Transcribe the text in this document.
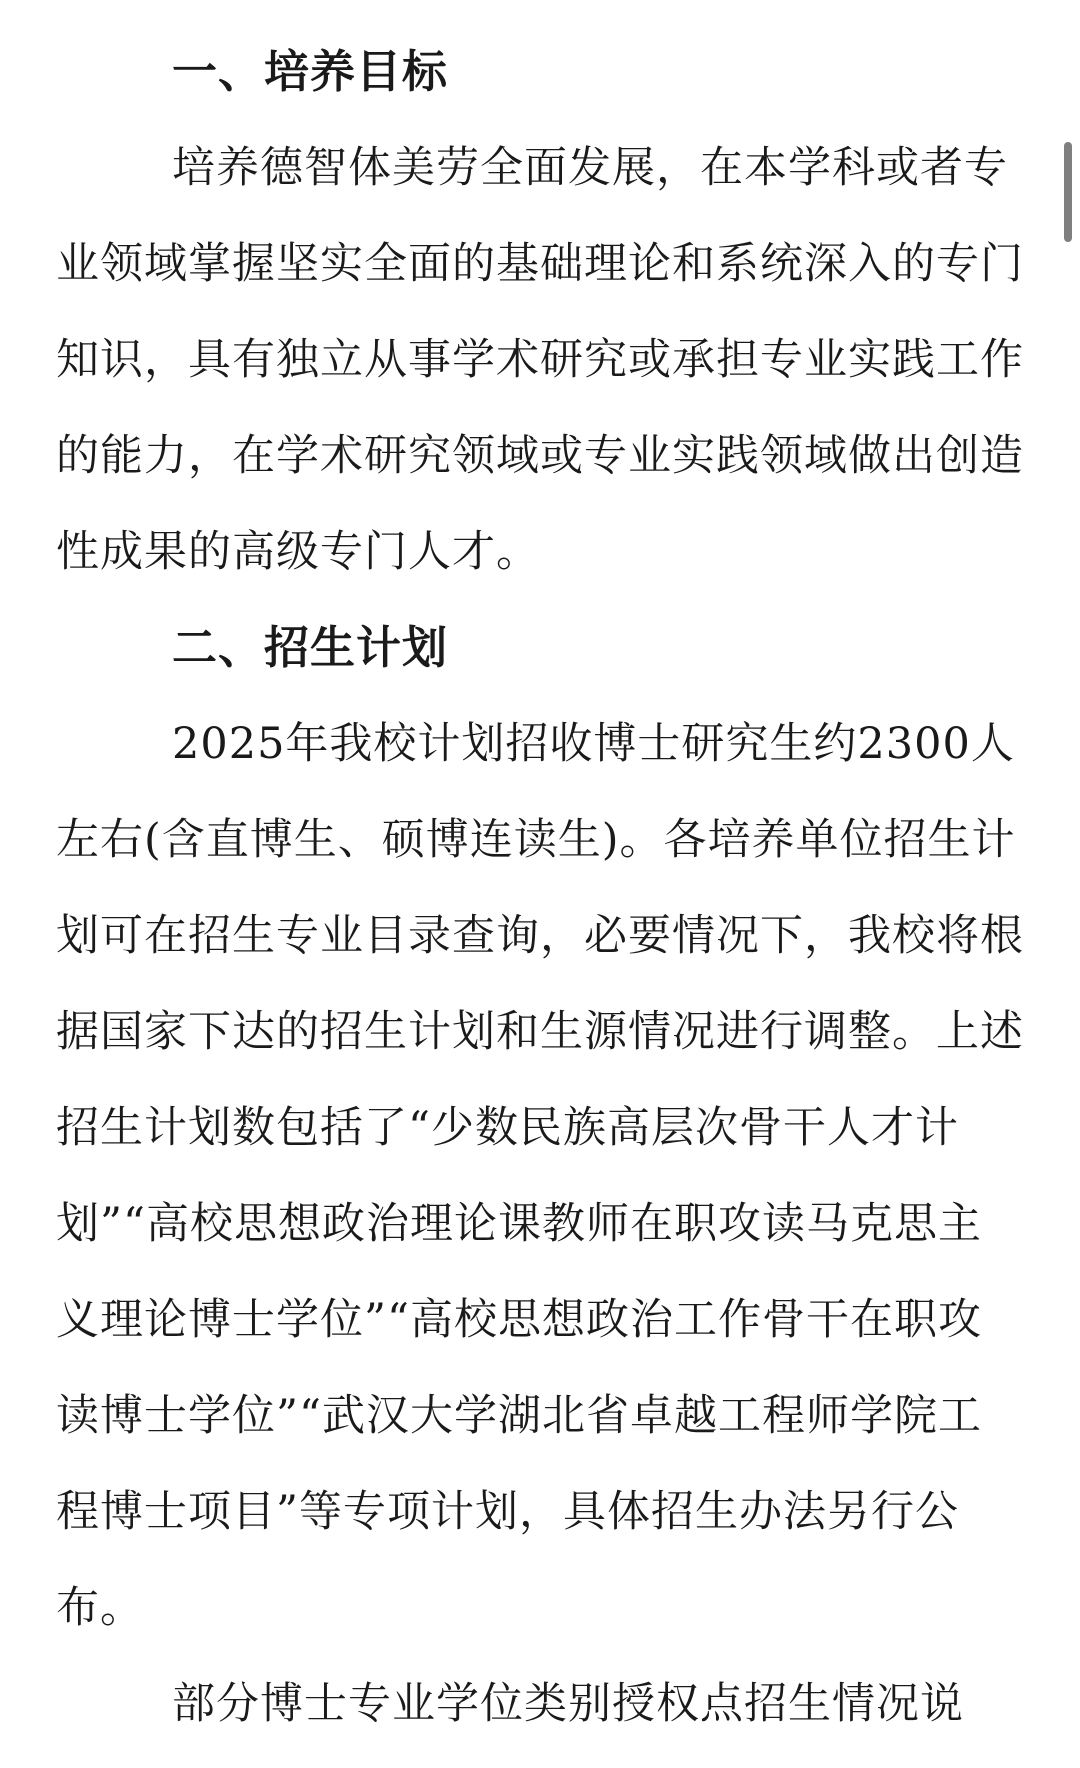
一、培养目标

培养德智体美劳全面发展，在本学科或者专业领域掌握坚实全面的基础理论和系统深入的专门知识，具有独立从事学术研究或承担专业实践工作的能力，在学术研究领域或专业实践领域做出创造性成果的高级专门人才。

二、招生计划

2025年我校计划招收博士研究生约2300人左右(含直博生、硕博连读生)。各培养单位招生计划可在招生专业目录查询，必要情况下，我校将根据国家下达的招生计划和生源情况进行调整。上述招生计划数包括了“少数民族高层次骨干人才计划”“高校思想政治理论课教师在职攻读马克思主义理论博士学位”“高校思想政治工作骨干在职攻读博士学位”“武汉大学湖北省卓越工程师学院工程博士项目”等专项计划，具体招生办法另行公布。

部分博士专业学位类别授权点招生情况说
